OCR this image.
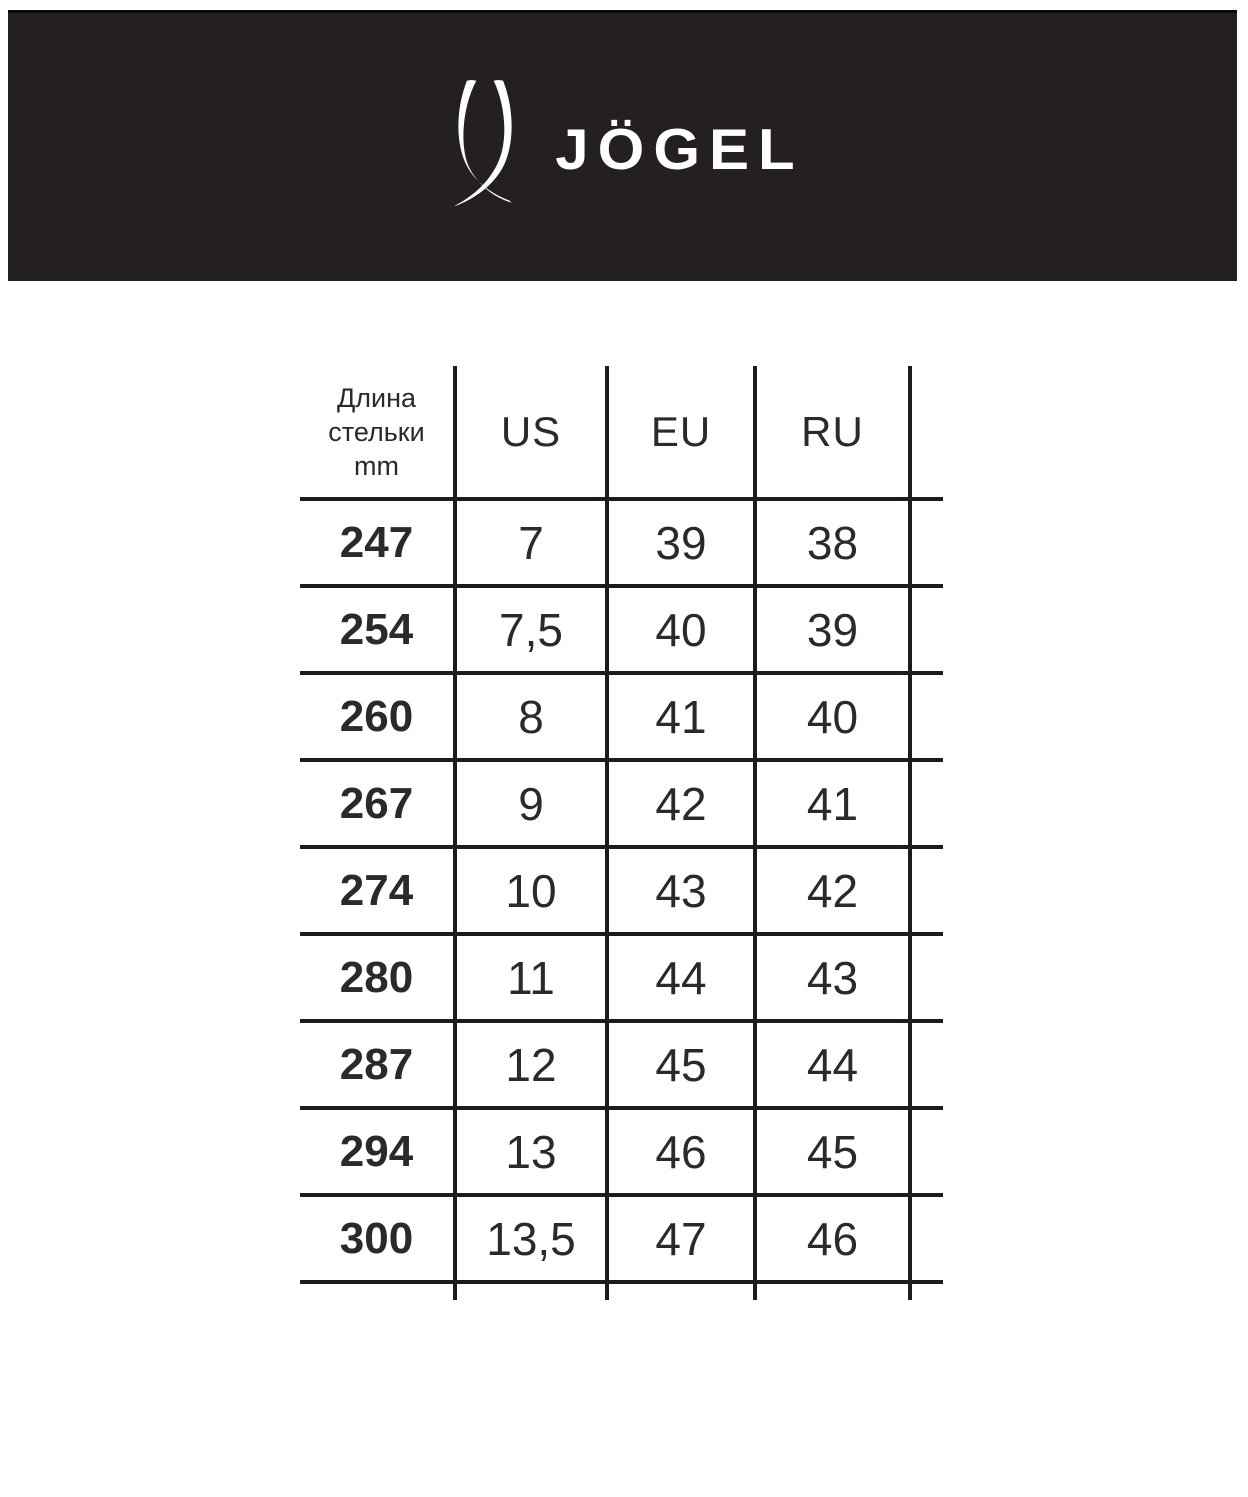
JÖGEL
Длина
стельки
mm	US	EU	RU	
247	7	39	38	
254	7,5	40	39	
260	8	41	40	
267	9	42	41	
274	10	43	42	
280	11	44	43	
287	12	45	44	
294	13	46	45	
300	13,5	47	46	
